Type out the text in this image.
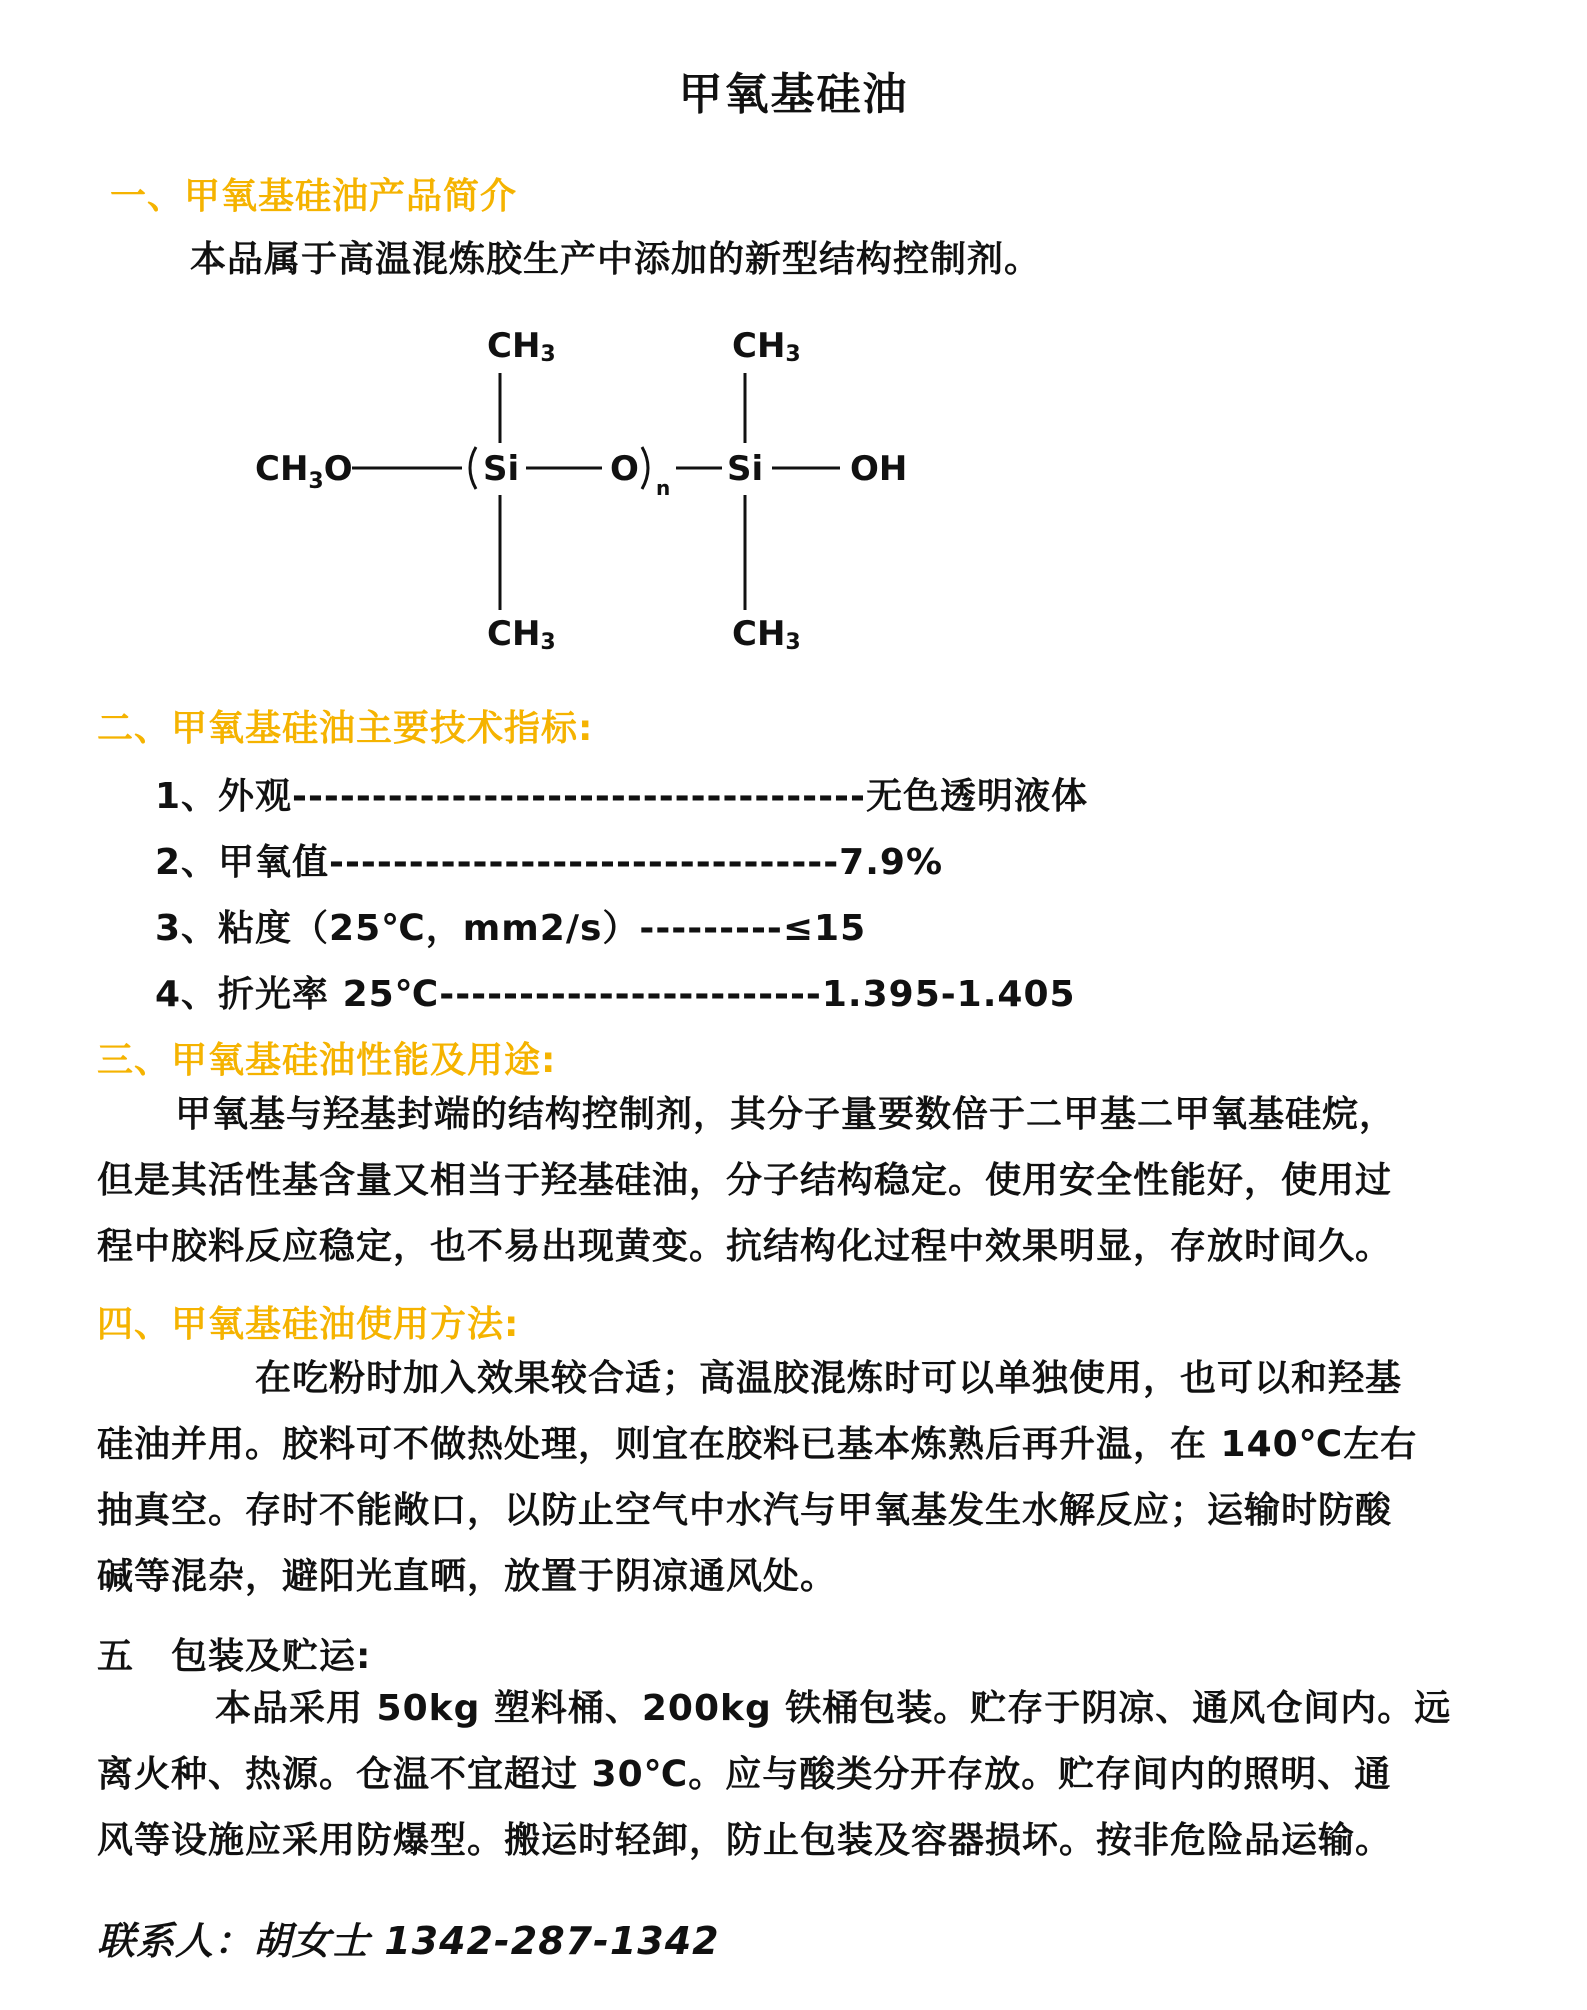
甲氧基硅油
一、甲氧基硅油产品简介
本品属于高温混炼胶生产中添加的新型结构控制剂。
CH3	CH3
$CH_3O$	Si	O n Si	OH
CH3	CH3
二、甲氧基硅油主要技术指标:
1、外观------------------------------------无色透明液体
2、甲氧值--------------------------------7.9%
3、粘度（25℃，mm2/s）---------≤15
4、折光率 25℃------------------------1.395-1.405
三、甲氧基硅油性能及用途:
甲氧基与羟基封端的结构控制剂，其分子量要数倍于二甲基二甲氧基硅烷，
但是其活性基含量又相当于羟基硅油，分子结构稳定。使用安全性能好，使用过
程中胶料反应稳定，也不易出现黄变。抗结构化过程中效果明显，存放时间久。
四、甲氧基硅油使用方法:
在吃粉时加入效果较合适；高温胶混炼时可以单独使用，也可以和羟基
硅油并用。胶料可不做热处理，则宜在胶料已基本炼熟后再升温，在 140℃左右
抽真空。存时不能敞口，以防止空气中水汽与甲氧基发生水解反应；运输时防酸
碱等混杂，避阳光直晒，放置于阴凉通风处。
五　包装及贮运:
本品采用 50kg 塑料桶、200kg 铁桶包装。贮存于阴凉、通风仓间内。远
离火种、热源。仓温不宜超过 30℃。应与酸类分开存放。贮存间内的照明、通
风等设施应采用防爆型。搬运时轻卸，防止包装及容器损坏。按非危险品运输。
联系人：胡女士 1342-287-1342
